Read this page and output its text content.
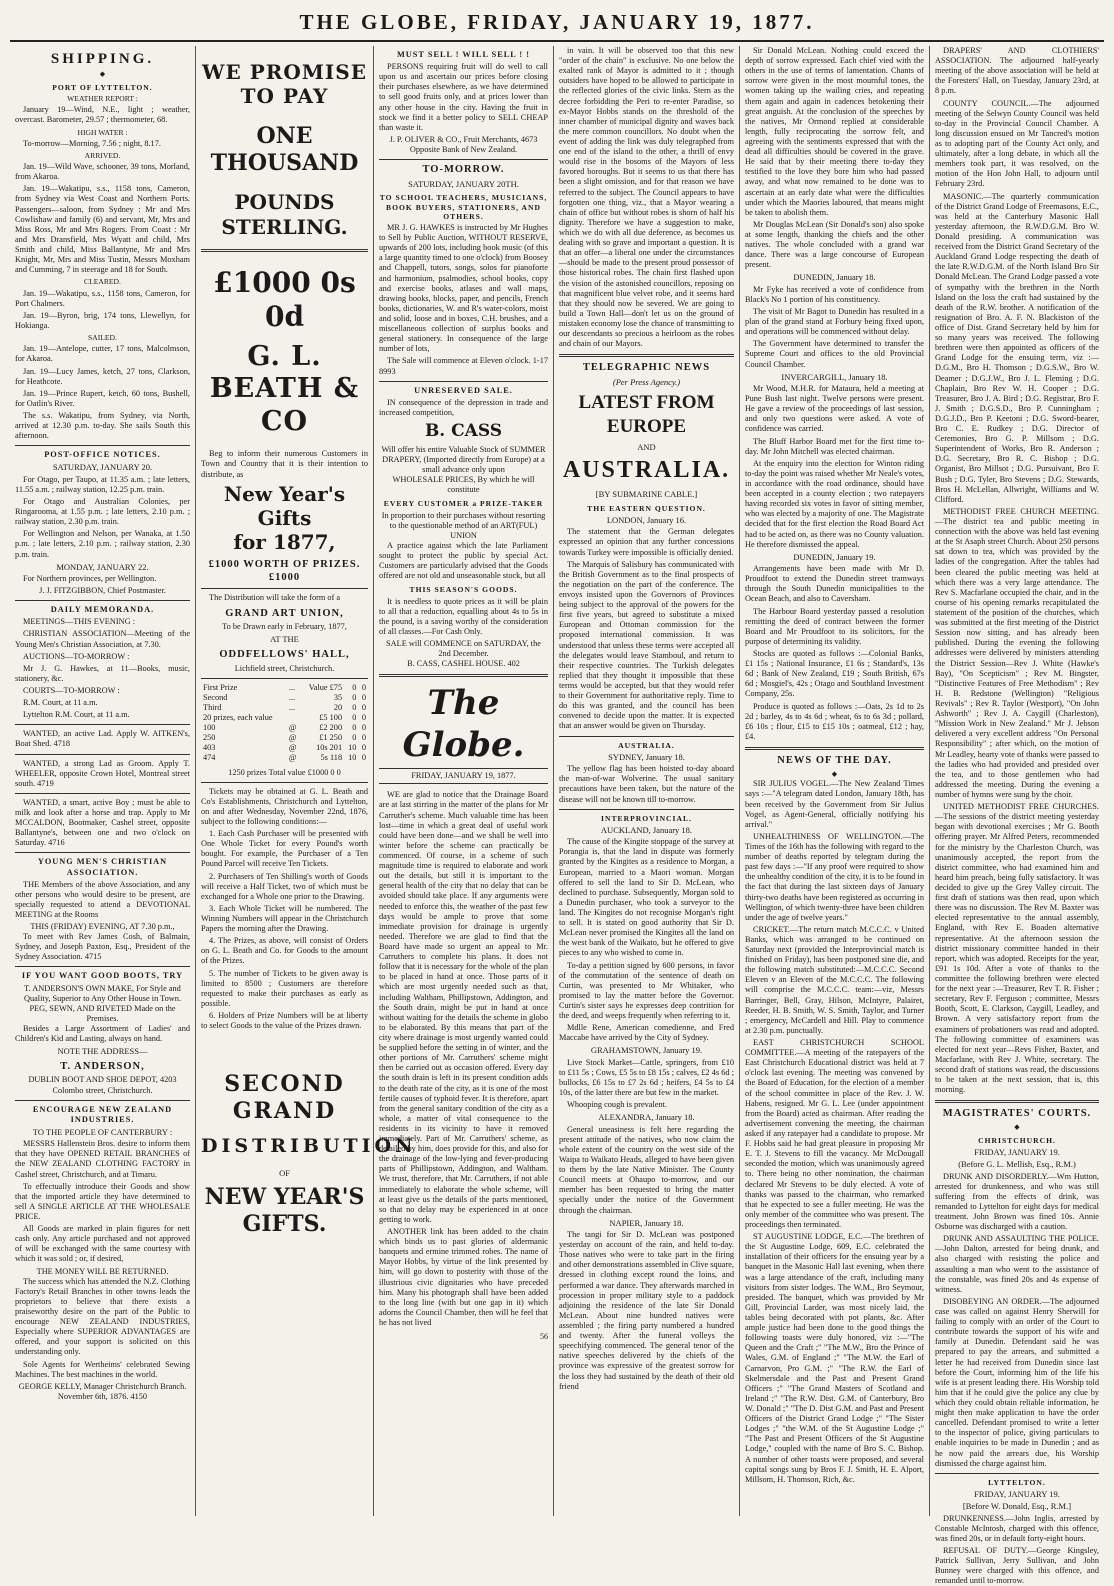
THE GLOBE, FRIDAY, JANUARY 19, 1877.
SHIPPING.
◆
PORT OF LYTTELTON.
WEATHER REPORT :

January 19—Wind, N.E., light ; weather, overcast. Barometer, 29.57 ; thermometer, 68.

HIGH WATER :

To-morrow—Morning, 7.56 ; night, 8.17.

ARRIVED.

Jan. 19—Wild Wave, schooner, 39 tons, Morland, from Akaroa.

Jan. 19—Wakatipu, s.s., 1158 tons, Cameron, from Sydney via West Coast and Northern Ports. Passengers—saloon, from Sydney : Mr and Mrs Cowlishaw and family (6) and servant, Mr, Mrs and Miss Ross, Mr and Mrs Rogers. From Coast : Mr and Mrs Dransfield, Mrs Wyatt and child, Mrs Smith and child, Miss Ballantyne, Mr and Mrs Knight, Mr, Mrs and Miss Tustin, Messrs Moxham and Cumming, 7 in steerage and 18 for South.

CLEARED.

Jan. 19—Wakatipu, s.s., 1158 tons, Cameron, for Port Chalmers.

Jan. 19—Byron, brig, 174 tons, Llewellyn, for Hokianga.

SAILED.

Jan. 19—Antelope, cutter, 17 tons, Malcolmson, for Akaroa.

Jan. 19—Lucy James, ketch, 27 tons, Clarkson, for Heathcote.

Jan. 19—Prince Rupert, ketch, 60 tons, Bushell, for Oatlin's River.

The s.s. Wakatipu, from Sydney, via North, arrived at 12.30 p.m. to-day. She sails South this afternoon.

POST-OFFICE NOTICES.
SATURDAY, JANUARY 20.

For Otago, per Taupo, at 11.35 a.m. ; late letters, 11.55 a.m. ; railway station, 12.25 p.m. train.

For Otago and Australian Colonies, per Ringarooma, at 1.55 p.m. ; late letters, 2.10 p.m. ; railway station, 2.30 p.m. train.

For Wellington and Nelson, per Wanaka, at 1.50 p.m. ; late letters, 2.10 p.m. ; railway station, 2.30 p.m. train.

MONDAY, JANUARY 22.

For Northern provinces, per Wellington.

J. J. FITZGIBBON, Chief Postmaster.
DAILY MEMORANDA.

MEETINGS—THIS EVENING :

CHRISTIAN ASSOCIATION—Meeting of the Young Men's Christian Association, at 7.30.

AUCTIONS—TO-MORROW :

Mr J. G. Hawkes, at 11—Books, music, stationery, &c.

COURTS—TO-MORROW :

R.M. Court, at 11 a.m.

Lyttelton R.M. Court, at 11 a.m.

WANTED, an active Lad. Apply W. AITKEN's, Boat Shed. 4718

WANTED, a strong Lad as Groom. Apply T. WHEELER, opposite Crown Hotel, Montreal street south. 4719

WANTED, a smart, active Boy ; must be able to milk and look after a horse and trap. Apply to Mr MCCALDON, Bootmaker, Cashel street, opposite Ballantyne's, between one and two o'clock on Saturday. 4716

YOUNG MEN'S CHRISTIAN ASSOCIATION.

THE Members of the above Association, and any other persons who would desire to be present, are specially requested to attend a DEVOTIONAL MEETING at the Rooms

THIS (FRIDAY) EVENING, AT 7.30 p.m.,

To meet with Rev James Cosh, of Balmain, Sydney, and Joseph Paxton, Esq., President of the Sydney Association. 4715

IF YOU WANT GOOD BOOTS, TRY
T. ANDERSON'S OWN MAKE, For Style and Quality, Superior to Any Other House in Town.
PEG, SEWN, AND RIVETED Made on the Premises.

Besides a Large Assortment of Ladies' and Children's Kid and Lasting, always on hand.

NOTE THE ADDRESS—
T. ANDERSON,
DUBLIN BOOT AND SHOE DEPOT, 4203 Colombo street, Christchurch.
ENCOURAGE NEW ZEALAND INDUSTRIES.
TO THE PEOPLE OF CANTERBURY :

MESSRS Hallenstein Bros. desire to inform them that they have OPENED RETAIL BRANCHES of the NEW ZEALAND CLOTHING FACTORY in Cashel street, Christchurch, and at Timaru.

To effectually introduce their Goods and show that the imported article they have determined to sell A SINGLE ARTICLE AT THE WHOLESALE PRICE.

All Goods are marked in plain figures for nett cash only. Any article purchased and not approved of will be exchanged with the same courtesy with which it was sold ; or, if desired,

THE MONEY WILL BE RETURNED.

The success which has attended the N.Z. Clothing Factory's Retail Branches in other towns leads the proprietors to believe that there exists a praiseworthy desire on the part of the Public to encourage NEW ZEALAND INDUSTRIES, Especially where SUPERIOR ADVANTAGES are offered, and your support is solicited on this understanding only.

Sole Agents for Wertheims' celebrated Sewing Machines. The best machines in the world.

GEORGE KELLY, Manager Christchurch Branch. November 6th, 1876. 4150
WE PROMISE TO PAY
ONE THOUSAND
POUNDS STERLING.
£1000 0s 0d
G. L. BEATH & CO

Beg to inform their numerous Customers in Town and Country that it is their intention to distribute, as

New Year's Gifts
for 1877,
£1000 WORTH OF PRIZES. £1000

The Distribution will take the form of a

GRAND ART UNION,
To be Drawn early in February, 1877,
AT THE
ODDFELLOWS' HALL,
Lichfield street, Christchurch.
First Prize	...	Value £75	0	0
Second	...	35	0	0
Third	...	20	0	0
20 prizes, each value		£5 100	0	0
100	@	£2 200	0	0
250	@	£1 250	0	0
403	@	10s 201	10	0
474	@	5s 118	10	0
1250 prizes Total value £1000 0 0

Tickets may be obtained at G. L. Beath and Co's Establishments, Christchurch and Lyttelton, on and after Wednesday, November 22nd, 1876, subject to the following conditions:—

1. Each Cash Purchaser will be presented with One Whole Ticket for every Pound's worth bought. For example, the Purchaser of a Ten Pound Parcel will receive Ten Tickets.

2. Purchasers of Ten Shilling's worth of Goods will receive a Half Ticket, two of which must be exchanged for a Whole one prior to the Drawing.

3. Each Whole Ticket will be numbered. The Winning Numbers will appear in the Christchurch Papers the morning after the Drawing.

4. The Prizes, as above, will consist of Orders on G. L. Beath and Co. for Goods to the amount of the Prizes.

5. The number of Tickets to be given away is limited to 8500 ; Customers are therefore requested to make their purchases as early as possible.

6. Holders of Prize Numbers will be at liberty to select Goods to the value of the Prizes drawn.

SECOND GRAND
DISTRIBUTION
OF
NEW YEAR'S GIFTS.
MUST SELL ! WILL SELL ! !

PERSONS requiring fruit will do well to call upon us and ascertain our prices before closing their purchases elsewhere, as we have determined to sell good fruits only, and at prices lower than any other house in the city. Having the fruit in stock we find it a better policy to SELL CHEAP than waste it.

J. P. OLIVER & CO., Fruit Merchants, 4673 Opposite Bank of New Zealand.
TO-MORROW.
SATURDAY, JANUARY 20TH.
TO SCHOOL TEACHERS, MUSICIANS, BOOK BUYERS, STATIONERS, AND OTHERS.

MR J. G. HAWKES is instructed by Mr Hughes to Sell by Public Auction, WITHOUT RESERVE, upwards of 200 lots, including book music (of this a large quantity timed to one o'clock) from Boosey and Chappell, tutors, songs, solos for pianoforte and harmonium, psalmodies, school books, copy and exercise books, atlases and wall maps, drawing books, blocks, paper, and pencils, French books, dictionaries, W. and R's water-colors, moist and solid, loose and in boxes, C.H. brushes, and a miscellaneous collection of surplus books and general stationery. In consequence of the large number of lots,

The Sale will commence at Eleven o'clock. 1-17 8993

UNRESERVED SALE.

IN consequence of the depression in trade and increased competition,

B. CASS
Will offer his entire Valuable Stock of SUMMER DRAPERY, (Imported directly from Europe) at a small advance only upon
WHOLESALE PRICES, By which he will constitute
EVERY CUSTOMER a PRIZE-TAKER
In proportion to their purchases without resorting to the questionable method of an ART(FUL) UNION

A practice against which the late Parliament sought to protect the public by special Act. Customers are particularly advised that the Goods offered are not old and unseasonable stock, but all

THIS SEASON'S GOODS.

It is needless to quote prices as it will be plain to all that a reduction, equalling about 4s to 5s in the pound, is a saving worthy of the consideration of all classes.—For Cash Only.

SALE will COMMENCE on SATURDAY, the 2nd December.
B. CASS, CASHEL HOUSE. 402
The Globe.
FRIDAY, JANUARY 19, 1877.

WE are glad to notice that the Drainage Board are at last stirring in the matter of the plans for Mr Carruther's scheme. Much valuable time has been lost—time in which a great deal of useful work could have been done—and we shall be well into winter before the scheme can practically be commenced. Of course, in a scheme of such magnitude time is required to elaborate and work out the details, but still it is important to the general health of the city that no delay that can be avoided should take place. If any arguments were needed to enforce this, the weather of the past few days would be ample to prove that some immediate provision for drainage is urgently needed. Therefore we are glad to find that the Board have made so urgent an appeal to Mr. Carruthers to complete his plans. It does not follow that it is necessary for the whole of the plan to be placed in hand at once. Those parts of it which are most urgently needed such as that, including Waltham, Phillipstown, Addington, and the South drain, might be put in hand at once without waiting for the details the scheme in globo to be elaborated. By this means that part of the city where drainage is most urgently wanted could be supplied before the setting in of winter, and the other portions of Mr. Carruthers' scheme might then be carried out as occasion offered. Every day the south drain is left in its present condition adds to the death rate of the city, as it is one of the most fertile causes of typhoid fever. It is therefore, apart from the general sanitary condition of the city as a whole, a matter of vital consequence to the residents in its vicinity to have it removed immediately. Part of Mr. Carruthers' scheme, as detailed by him, does provide for this, and also for the drainage of the low-lying and fever-producing parts of Phillipstown, Addington, and Waltham. We trust, therefore, that Mr. Carruthers, if not able immediately to elaborate the whole scheme, will at least give us the details of the parts mentioned, so that no delay may be experienced in at once getting to work.

ANOTHER link has been added to the chain which binds us to past glories of aldermanic banquets and ermine trimmed robes. The name of Mayor Hobbs, by virtue of the link presented by him, will go down to posterity with those of the illustrious civic dignitaries who have preceded him. Many his photograph shall have been added to the long line (with but one gap in it) which adorns the Council Chamber, then will he feel that he has not lived

56

in vain. It will be observed too that this new "order of the chain" is exclusive. No one below the exalted rank of Mayor is admitted to it ; though outsiders have hoped to be allowed to participate in the reflected glories of the civic links. Stern as the decree forbidding the Peri to re-enter Paradise, so ex-Mayor Hobbs stands on the threshold of the inner chamber of municipal dignity and waves back the mere common councillors. No doubt when the event of adding the link was duly telegraphed from one end of the island to the other, a thrill of envy would rise in the bosoms of the Mayors of less favored boroughs. But it seems to us that there has been a slight omission, and for that reason we have referred to the subject. The Council appears to have forgotten one thing, viz., that a Mayor wearing a chain of office but without robes is shorn of half his dignity. Therefore we have a suggestion to make, which we do with all due deference, as becomes us dealing with so grave and important a question. It is that an offer—a liberal one under the circumstances—should be made to the present proud possessor of those historical robes. The chain first flashed upon the vision of the astonished councillors, reposing on that magnificent blue velvet robe, and it seems hard that they should now be severed. We are going to build a Town Hall—don't let us on the ground of mistaken economy lose the chance of transmitting to our descendants so precious a heirloom as the robes and chain of our Mayors.

TELEGRAPHIC NEWS
(Per Press Agency.)
LATEST FROM EUROPE
AND
AUSTRALIA.
[BY SUBMARINE CABLE.]
THE EASTERN QUESTION.
LONDON, January 16.

The statement that the German delegates expressed an opinion that any further concessions towards Turkey were impossible is officially denied.

The Marquis of Salisbury has communicated with the British Government as to the final prospects of the negotiation on the part of the conference. The envoys insisted upon the Governors of Provinces being subject to the approval of the powers for the first five years, but agreed to substitute a mixed European and Ottoman commission for the proposed international commission. It was understood that unless these terms were accepted all the delegates would leave Stamboul, and return to their respective countries. The Turkish delegates replied that they thought it impossible that these terms would be accepted, but that they would refer to their Government for authoritative reply. Time to do this was granted, and the council has been convened to decide upon the matter. It is expected that an answer would be given on Thursday.

AUSTRALIA.
SYDNEY, January 18.

The yellow flag has been hoisted to-day aboard the man-of-war Wolverine. The usual sanitary precautions have been taken, but the nature of the disease will not be known till to-morrow.

INTERPROVINCIAL.
AUCKLAND, January 18.

The cause of the Kingite stoppage of the survey at Porangia is, that the land in dispute was formerly granted by the Kingites as a residence to Morgan, a European, married to a Maori woman. Morgan offered to sell the land to Sir D. McLean, who declined to purchase. Subsequently, Morgan sold to a Dunedin purchaser, who took a surveyor to the land. The Kingites do not recognise Morgan's right to sell. It is stated on good authority that Sir D. McLean never promised the Kingites all the land on the west bank of the Waikato, but he offered to give pieces to any who wished to come in.

To-day a petition signed by 600 persons, in favor of the commutation of the sentence of death on Curtin, was presented to Mr Whitaker, who promised to lay the matter before the Governor. Curtin's sister says he expresses deep contrition for the deed, and weeps frequently when referring to it.

Mdlle Rene, American comedienne, and Fred Maccabe have arrived by the City of Sydney.

GRAHAMSTOWN, January 19.

Live Stock Market—Cattle, springers, from £10 to £11 5s ; Cows, £5 5s to £8 15s ; calves, £2 4s 6d ; bullocks, £6 15s to £7 2s 6d ; heifers, £4 5s to £4 10s, of the latter there are but few in the market.

Whooping cough is prevalent.

ALEXANDRA, January 18.

General uneasiness is felt here regarding the present attitude of the natives, who now claim the whole extent of the country on the west side of the Waipa to Waikato Heads, alleged to have been given to them by the late Native Minister. The County Council meets at Ohaupo to-morrow, and our member has been requested to bring the matter specially under the notice of the Government through the chairman.

NAPIER, January 18.

The tangi for Sir D. McLean was postponed yesterday on account of the rain, and held to-day. Those natives who were to take part in the firing and other demonstrations assembled in Clive square, dressed in clothing except round the loins, and performed a war dance. They afterwards marched in procession in proper military style to a paddock adjoining the residence of the late Sir Donald McLean. About nine hundred natives were assembled ; the firing party numbered a hundred and twenty. After the funeral volleys the speechifying commenced. The general tenor of the native speeches delivered by the chiefs of the province was expressive of the greatest sorrow for the loss they had sustained by the death of their old friend

Sir Donald McLean. Nothing could exceed the depth of sorrow expressed. Each chief vied with the others in the use of terms of lamentation. Chants of sorrow were given in the most mournful tones, the women taking up the wailing cries, and repeating them again and again in cadences betokening their great anguish. At the conclusion of the speeches by the natives, Mr Ormond replied at considerable length, fully reciprocating the sorrow felt, and agreeing with the sentiments expressed that with the dead all difficulties should be covered in the grave. He said that by their meeting there to-day they testified to the love they bore him who had passed away, and what now remained to be done was to ascertain at an early date what were the difficulties under which the Maories laboured, that means might be taken to abolish them.

Mr Douglas McLean (Sir Donald's son) also spoke at some length, thanking the chiefs and the other natives. The whole concluded with a grand war dance. There was a large concourse of European present.

DUNEDIN, January 18.

Mr Fyke has received a vote of confidence from Black's No 1 portion of his constituency.

The visit of Mr Bagot to Dunedin has resulted in a plan of the grand stand at Forbury being fixed upon, and operations will be commenced without delay.

The Government have determined to transfer the Supreme Court and offices to the old Provincial Council Chamber.

INVERCARGILL, January 18.

Mr Wood, M.H.R. for Mataura, held a meeting at Pune Bush last night. Twelve persons were present. He gave a review of the proceedings of last session, and only two questions were asked. A vote of confidence was carried.

The Bluff Harbor Board met for the first time to-day. Mr John Mitchell was elected chairman.

At the enquiry into the election for Winton riding to-day the point was raised whether Mr Neale's votes, in accordance with the road ordinance, should have been accepted in a county election ; two ratepayers having recorded six votes in favor of sitting member, who was elected by a majority of one. The Magistrate decided that for the first election the Road Board Act had to be acted on, as there was no County valuation. He therefore dismissed the appeal.

DUNEDIN, January 19.

Arrangements have been made with Mr D. Proudfoot to extend the Dunedin street tramways through the South Dunedin municipalities to the Ocean Beach, and also to Caversham.

The Harbour Board yesterday passed a resolution remitting the deed of contract between the former Board and Mr Proudfoot to its solicitors, for the purpose of determining its validity.

Stocks are quoted as follows :—Colonial Banks, £1 15s ; National Insurance, £1 6s ; Standard's, 13s 6d ; Bank of New Zealand, £19 ; South British, 67s 6d ; Mosgiel's, 42s ; Otago and Southland Investment Company, 25s.

Produce is quoted as follows :—Oats, 2s 1d to 2s 2d ; barley, 4s to 4s 6d ; wheat, 6s to 6s 3d ; pollard, £6 10s ; flour, £15 to £15 10s ; oatmeal, £12 ; hay, £4.

NEWS OF THE DAY.
◆

SIR JULIUS VOGEL.—The New Zealand Times says :—"A telegram dated London, January 18th, has been received by the Government from Sir Julius Vogel, as Agent-General, officially notifying his arrival."

UNHEALTHINESS OF WELLINGTON.—The Times of the 16th has the following with regard to the number of deaths reported by telegram during the past few days :—"If any proof were required to show the unhealthy condition of the city, it is to be found in the fact that during the last sixteen days of January thirty-two deaths have been registered as occurring in Wellington, of which twenty-three have been children under the age of twelve years."

CRICKET.—The return match M.C.C.C. v United Banks, which was arranged to be continued on Saturday next (provided the Interprovincial match is finished on Friday), has been postponed sine die, and the following match substituted:—M.C.C.C. Second Eleven v an Eleven of the M.C.C.C. The following will comprise the M.C.C.C. team:—viz, Messrs Barringer, Bell, Gray, Hilson, McIntyre, Palairet, Reeder, H. B. Smith, W. S. Smith, Taylor, and Turner ; emergency, McCardell and Hill. Play to commence at 2.30 p.m. punctually.

EAST CHRISTCHURCH SCHOOL COMMITTEE.—A meeting of the ratepayers of the East Christchurch Educational district was held at 7 o'clock last evening. The meeting was convened by the Board of Education, for the election of a member of the school committee in place of the Rev. J. W. Habens, resigned. Mr G. L. Lee (under appointment from the Board) acted as chairman. After reading the advertisement convening the meeting, the chairman asked if any ratepayer had a candidate to propose. Mr F. Hobbs said he had great pleasure in proposing Mr E. T. J. Stevens to fill the vacancy. Mr McDougall seconded the motion, which was unanimously agreed to. There being no other nomination, the chairman declared Mr Stevens to be duly elected. A vote of thanks was passed to the chairman, who remarked that he expected to see a fuller meeting. He was the only member of the committee who was present. The proceedings then terminated.

ST AUGUSTINE LODGE, E.C.—The brethren of the St Augustine Lodge, 609, E.C. celebrated the installation of their officers for the ensuing year by a banquet in the Masonic Hall last evening, when there was a large attendance of the craft, including many visitors from sister lodges. The W.M., Bro Seymour, presided. The banquet, which was provided by Mr Gill, Provincial Larder, was most nicely laid, the tables being decorated with pot plants, &c. After ample justice had been done to the good things the following toasts were duly honored, viz :—"The Queen and the Craft ;" "The M.W., Bro the Prince of Wales, G.M. of England ;" "The M.W. the Earl of Carnarvon, Pro G.M. ;" "The R.W. the Earl of Skelmersdale and the Past and Present Grand Officers ;" "The Grand Masters of Scotland and Ireland ;" "The R.W. Dist. G.M. of Canterbury, Bro W. Donald ;" "The D. Dist G.M. and Past and Present Officers of the District Grand Lodge ;" "The Sister Lodges ;" "the W.M. of the St Augustine Lodge ;" "The Past and Present Officers of the St Augustine Lodge," coupled with the name of Bro S. C. Bishop. A number of other toasts were proposed, and several capital songs sung by Bros F. J. Smith, H. E. Alport, Millsom, H. Thomson, Rich, &c.

DRAPERS' AND CLOTHIERS' ASSOCIATION. The adjourned half-yearly meeting of the above association will be held at the Foresters' Hall, on Tuesday, January 23rd, at 8 p.m.

COUNTY COUNCIL.—The adjourned meeting of the Selwyn County Council was held to-day in the Provincial Council Chamber. A long discussion ensued on Mr Tancred's motion as to adopting part of the County Act only, and ultimately, after a long debate, in which all the members took part, it was resolved, on the motion of the Hon John Hall, to adjourn until February 23rd.

MASONIC.—The quarterly communication of the District Grand Lodge of Freemasons, E.C., was held at the Canterbury Masonic Hall yesterday afternoon, the R.W.D.G.M. Bro W. Donald presiding. A communication was received from the District Grand Secretary of the Auckland Grand Lodge respecting the death of the late R.W.D.G.M. of the North Island Bro Sir Donald McLean. The Grand Lodge passed a vote of sympathy with the brethren in the North Island on the loss the craft had sustained by the death of the R.W. brother. A notification of the resignation of Bro. A. F. N. Blackiston of the office of Dist. Grand Secretary held by him for so many years was received. The following brethren were then appointed as officers of the Grand Lodge for the ensuing term, viz :—D.G.M., Bro H. Thomson ; D.G.S.W., Bro W. Deamer ; D.G.J.W., Bro J. L. Fleming ; D.G. Chaplain, Bro Rev W. H. Cooper ; D.G. Treasurer, Bro J. A. Bird ; D.G. Registrar, Bro F. J. Smith ; D.G.S.D., Bro P. Cunningham ; D.G.J.D., Bro P. Keetoni ; D.G. Sword-bearer, Bro C. E. Rudkey ; D.G. Director of Ceremonies, Bro G. P. Millsom ; D.G. Superintendent of Works, Bro R. Anderson ; D.G. Secretary, Bro R. C. Bishop ; D.G. Organist, Bro Millsot ; D.G. Pursuivant, Bro F. Bush ; D.G. Tyler, Bro Stevens ; D.G. Stewards, Bros H. McLellan, Allwright, Williams and W. Clifford.

METHODIST FREE CHURCH MEETING.—The district tea and public meeting in connection with the above was held last evening at the St Asaph street Church. About 250 persons sat down to tea, which was provided by the ladies of the congregation. After the tables had been cleared the public meeting was held at which there was a very large attendance. The Rev S. Macfarlane occupied the chair, and in the course of his opening remarks recapitulated the statement of the position of the churches, which was submitted at the first meeting of the District Session now sitting, and has already been published. During the evening the following addresses were delivered by ministers attending the District Session—Rev J. White (Hawke's Bay), "On Scepticism" ; Rev M. Bingster, "Distinctive Features of Free Methodism" ; Rev H. B. Redstone (Wellington) "Religious Revivals" ; Rev R. Taylor (Westport), "On John Ashworth" ; Rev J. A. Caygill (Charleston), "Mission Work in New Zealand." Mr J. Jebson delivered a very excellent address "On Personal Responsibility" ; after which, on the motion of Mr Leadley, hearty vote of thanks were passed to the ladies who had provided and presided over the tea, and to those gentlemen who had addressed the meeting. During the evening a number of hymns were sung by the choir.

UNITED METHODIST FREE CHURCHES.—The sessions of the district meeting yesterday began with devotional exercises ; Mr G. Booth offering prayer. Mr Alfred Peters, recommended for the ministry by the Charleston Church, was unanimously accepted, the report from the district committee, who had examined him and heard him preach, being fully satisfactory. It was decided to give up the Grey Valley circuit. The first draft of stations was then read, upon which there was no discussion. The Rev M. Baxter was elected representative to the annual assembly, England, with Rev E. Boaden alternative representative. At the afternoon session the district missionary committee handed in their report, which was adopted. Receipts for the year, £91 1s 10d. After a vote of thanks to the committee the following brethren were elected for the next year :—Treasurer, Rev T. R. Fisher ; secretary, Rev F. Ferguson ; committee, Messrs Booth, Scott, E. Clarkson, Caygill, Leadley, and Brown. A very satisfactory report from the examiners of probationers was read and adopted. The following committee of examiners was elected for next year—Revs Fisher, Baxter, and Macfarlane, with Rev J. White, secretary. The second draft of stations was read, the discussions to be taken at the next session, that is, this morning.

MAGISTRATES' COURTS.
◆
CHRISTCHURCH.
FRIDAY, JANUARY 19.
(Before G. L. Mellish, Esq., R.M.)

DRUNK AND DISORDERLY.—Wm Hutton, arrested for drunkenness, and who was still suffering from the effects of drink, was remanded to Lyttelton for eight days for medical treatment. John Brown was fined 10s. Annie Osborne was discharged with a caution.

DRUNK AND ASSAULTING THE POLICE.—John Dalton, arrested for being drunk, and also charged with resisting the police and assaulting a man who went to the assistance of the constable, was fined 20s and 4s expense of witness.

DISOBEYING AN ORDER.—The adjourned case was called on against Henry Sherwill for failing to comply with an order of the Court to contribute towards the support of his wife and family at Dunedin. Defendant said he was prepared to pay the arrears, and submitted a letter he had received from Dunedin since last before the Court, informing him of the life his wife is at present leading there. His Worship told him that if he could give the police any clue by which they could obtain reliable information, he might then make application to have the order cancelled. Defendant promised to write a letter to the inspector of police, giving particulars to enable inquiries to be made in Dunedin ; and as he now paid the arrears due, his Worship dismissed the charge against him.

LYTTELTON.
FRIDAY, JANUARY 19.
[Before W. Donald, Esq., R.M.]

DRUNKENNESS.—John Inglis, arrested by Constable McIntosh, charged with this offence, was fined 20s, or in default forty-eight hours.

REFUSAL OF DUTY.—George Kingsley, Patrick Sullivan, Jerry Sullivan, and John Bunney were charged with this offence, and remanded until to-morrow.
